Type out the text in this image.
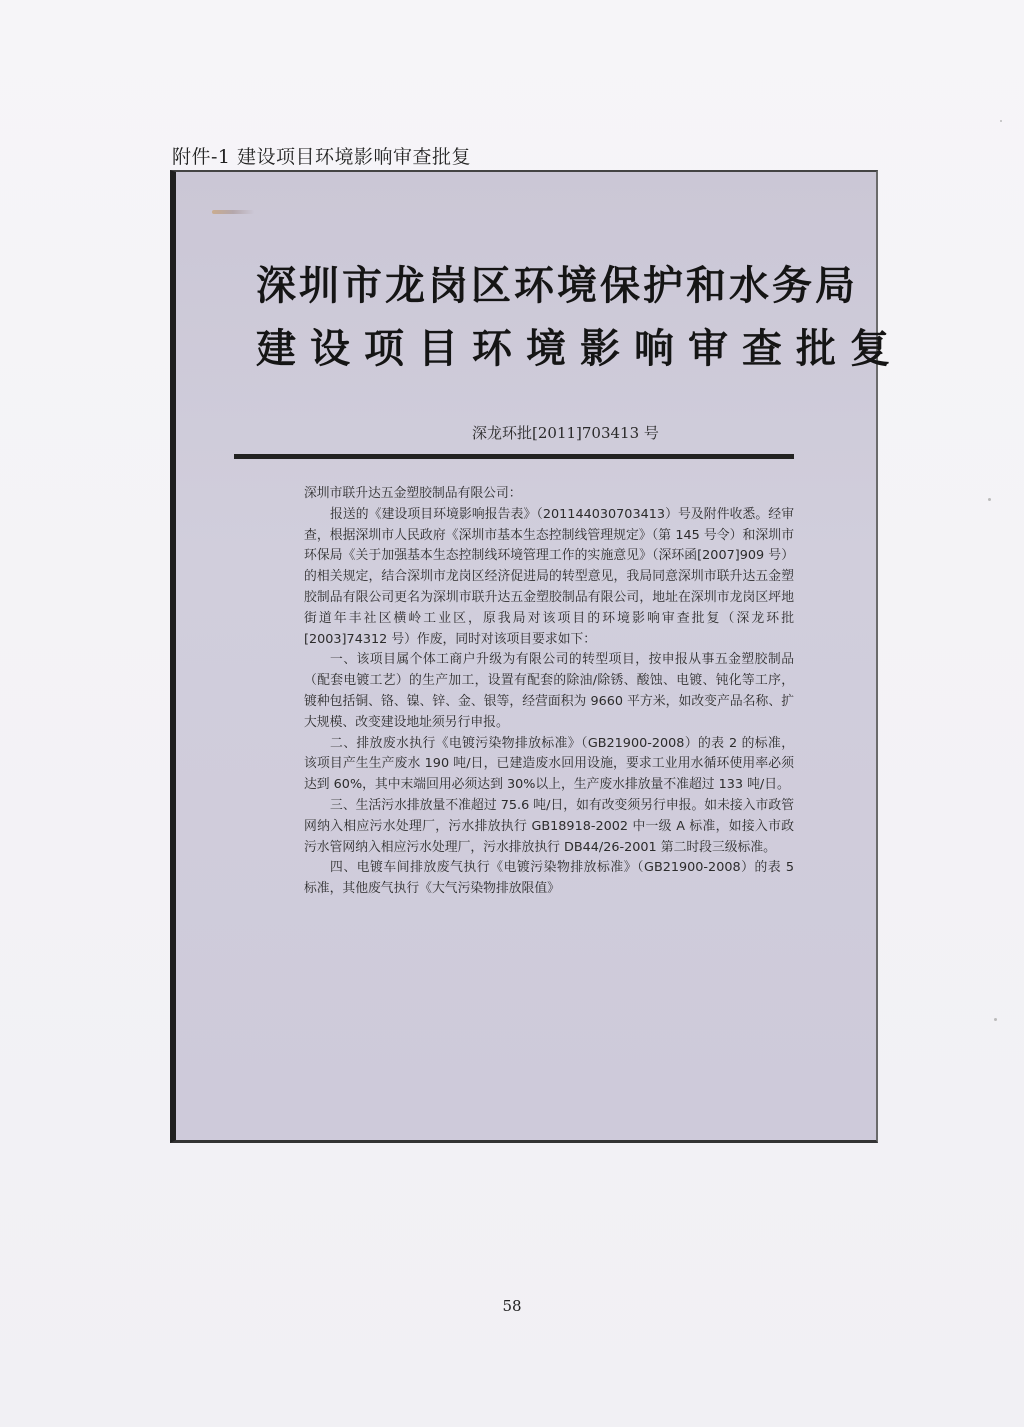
附件-1 建设项目环境影响审查批复
深圳市龙岗区环境保护和水务局
建设项目环境影响审查批复
深龙环批[2011]703413 号

深圳市联升达五金塑胶制品有限公司：

报送的《建设项目环境影响报告表》（201144030703413）号及附件收悉。经审查，根据深圳市人民政府《深圳市基本生态控制线管理规定》（第 145 号令）和深圳市环保局《关于加强基本生态控制线环境管理工作的实施意见》（深环函[2007]909 号）的相关规定，结合深圳市龙岗区经济促进局的转型意见，我局同意深圳市联升达五金塑胶制品有限公司更名为深圳市联升达五金塑胶制品有限公司，地址在深圳市龙岗区坪地街道年丰社区横岭工业区，原我局对该项目的环境影响审查批复（深龙环批[2003]74312 号）作废，同时对该项目要求如下：

一、该项目属个体工商户升级为有限公司的转型项目，按申报从事五金塑胶制品（配套电镀工艺）的生产加工，设置有配套的除油/除锈、酸蚀、电镀、钝化等工序，镀种包括铜、铬、镍、锌、金、银等，经营面积为 9660 平方米，如改变产品名称、扩大规模、改变建设地址须另行申报。

二、排放废水执行《电镀污染物排放标准》（GB21900-2008）的表 2 的标准，该项目产生生产废水 190 吨/日，已建造废水回用设施，要求工业用水循环使用率必须达到 60%，其中末端回用必须达到 30%以上，生产废水排放量不准超过 133 吨/日。

三、生活污水排放量不准超过 75.6 吨/日，如有改变须另行申报。如未接入市政管网纳入相应污水处理厂，污水排放执行 GB18918-2002 中一级 A 标准，如接入市政污水管网纳入相应污水处理厂，污水排放执行 DB44/26-2001 第二时段三级标准。

四、电镀车间排放废气执行《电镀污染物排放标准》（GB21900-2008）的表 5 标准，其他废气执行《大气污染物排放限值》

58
